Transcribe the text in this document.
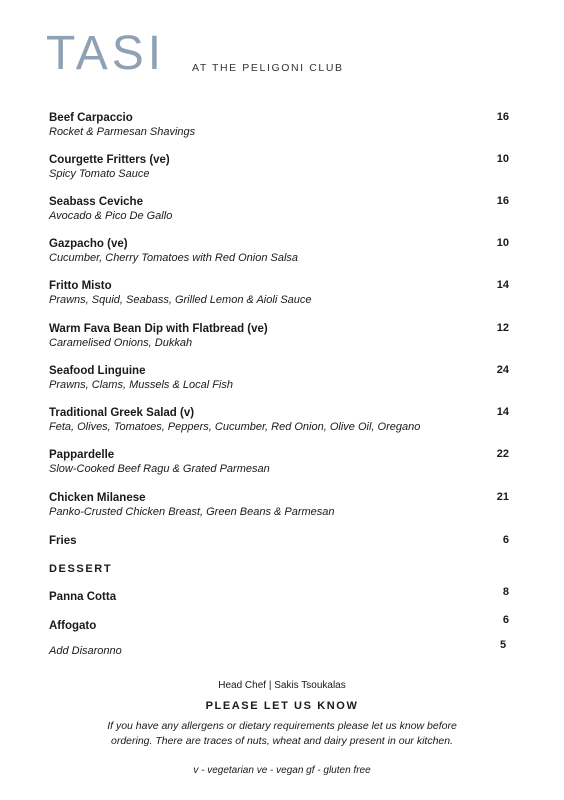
TASI	AT THE PELIGONI CLUB
Beef Carpaccio
Rocket & Parmesan Shavings
16
Courgette Fritters (ve)
Spicy Tomato Sauce
10
Seabass Ceviche
Avocado & Pico De Gallo
16
Gazpacho (ve)
Cucumber, Cherry Tomatoes with Red Onion Salsa
10
Fritto Misto
Prawns, Squid, Seabass, Grilled Lemon & Aioli Sauce
14
Warm Fava Bean Dip with Flatbread (ve)
Caramelised Onions, Dukkah
12
Seafood Linguine
Prawns, Clams, Mussels & Local Fish
24
Traditional Greek Salad (v)
Feta, Olives, Tomatoes, Peppers, Cucumber, Red Onion, Olive Oil, Oregano
14
Pappardelle
Slow-Cooked Beef Ragu & Grated Parmesan
22
Chicken Milanese
Panko-Crusted Chicken Breast, Green Beans & Parmesan
21
Fries	6
DESSERT
Panna Cotta	8
Affogato	6
Add Disaronno	5
Head Chef | Sakis Tsoukalas
PLEASE LET US KNOW
If you have any allergens or dietary requirements please let us know before
ordering. There are traces of nuts, wheat and dairy present in our kitchen.
v - vegetarian ve - vegan gf - gluten free
